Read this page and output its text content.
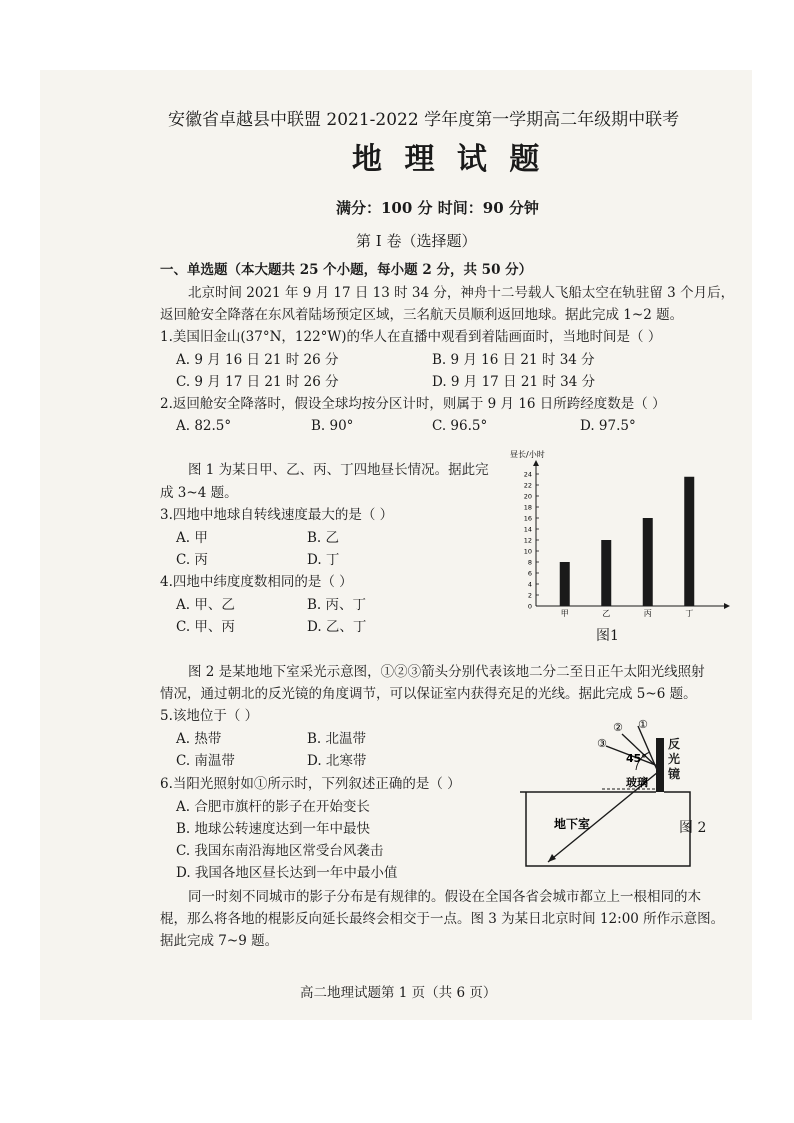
安徽省卓越县中联盟 2021-2022 学年度第一学期高二年级期中联考
地 理 试 题
满分：100 分 时间：90 分钟
第 I 卷（选择题）
一、单选题（本大题共 25 个小题，每小题 2 分，共 50 分）
北京时间 2021 年 9 月 17 日 13 时 34 分，神舟十二号载人飞船太空在轨驻留 3 个月后，
返回舱安全降落在东风着陆场预定区域，三名航天员顺利返回地球。据此完成 1~2 题。
1.美国旧金山(37°N，122°W)的华人在直播中观看到着陆画面时，当地时间是（ ）
A. 9 月 16 日 21 时 26 分	B. 9 月 16 日 21 时 34 分
C. 9 月 17 日 21 时 26 分	D. 9 月 17 日 21 时 34 分
2.返回舱安全降落时，假设全球均按分区计时，则属于 9 月 16 日所跨经度数是（ ）
A. 82.5°	B. 90°	C. 96.5°	D. 97.5°
图 1 为某日甲、乙、丙、丁四地昼长情况。据此完
成 3~4 题。
3.四地中地球自转线速度最大的是（ ）
A. 甲	B. 乙
C. 丙	D. 丁
4.四地中纬度度数相同的是（ ）
A. 甲、乙	B. 丙、丁
C. 甲、丙	D. 乙、丁
昼长/小时
0
2
4
6
8
10
12
14
16
18
20
22
24
甲	乙	丙	丁
图1
图 2 是某地地下室采光示意图，①②③箭头分别代表该地二分二至日正午太阳光线照射
情况，通过朝北的反光镜的角度调节，可以保证室内获得充足的光线。据此完成 5~6 题。
5.该地位于（ ）
A. 热带	B. 北温带
C. 南温带	D. 北寒带
6.当阳光照射如①所示时，下列叙述正确的是（ ）
A. 合肥市旗杆的影子在开始变长
B. 地球公转速度达到一年中最快
C. 我国东南沿海地区常受台风袭击
D. 我国各地区昼长达到一年中最小值
①
②
③
45°
玻璃
地下室
反光镜
图 2
同一时刻不同城市的影子分布是有规律的。假设在全国各省会城市都立上一根相同的木
棍，那么将各地的棍影反向延长最终会相交于一点。图 3 为某日北京时间 12:00 所作示意图。
据此完成 7~9 题。
高二地理试题第 1 页（共 6 页）
